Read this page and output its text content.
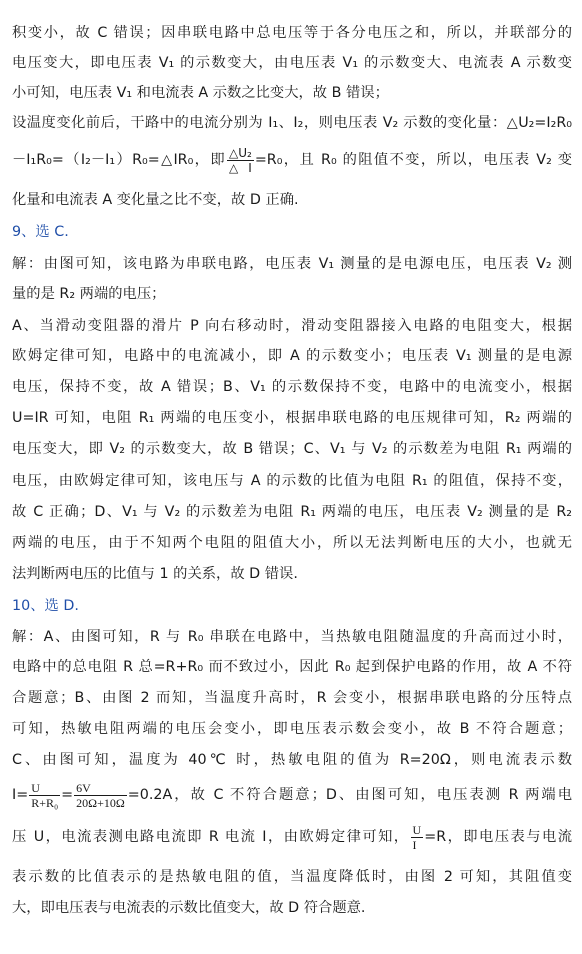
积变小，故 C 错误；因串联电路中总电压等于各分电压之和，所以，并联部分的
电压变大，即电压表 V₁ 的示数变大，由电压表 V₁ 的示数变大、电流表 A 示数变
小可知，电压表 V₁ 和电流表 A 示数之比变大，故 B 错误；
设温度变化前后，干路中的电流分别为 I₁、I₂，则电压表 V₂ 示数的变化量：△U₂=I₂R₀
－I₁R₀=（I₂－I₁）R₀=△IR₀，即 $\frac{\text{△U₂}}{\triangle I} =R_0$，且 R₀ 的阻值不变，所以，电压表 V₂ 变
化量和电流表 A 变化量之比不变，故 D 正确.
9、选 C.
解：由图可知，该电路为串联电路，电压表 V₁ 测量的是电源电压，电压表 V₂ 测
量的是 R₂ 两端的电压；
A、当滑动变阻器的滑片 P 向右移动时，滑动变阻器接入电路的电阻变大，根据
欧姆定律可知，电路中的电流减小，即 A 的示数变小；电压表 V₁ 测量的是电源
电压，保持不变，故 A 错误；B、V₁ 的示数保持不变，电路中的电流变小，根据
U=IR 可知，电阻 R₁ 两端的电压变小，根据串联电路的电压规律可知，R₂ 两端的
电压变大，即 V₂ 的示数变大，故 B 错误；C、V₁ 与 V₂ 的示数差为电阻 R₁ 两端的
电压，由欧姆定律可知，该电压与 A 的示数的比值为电阻 R₁ 的阻值，保持不变，
故 C 正确；D、V₁ 与 V₂ 的示数差为电阻 R₁ 两端的电压，电压表 V₂ 测量的是 R₂
两端的电压，由于不知两个电阻的阻值大小，所以无法判断电压的大小，也就无
法判断两电压的比值与 1 的关系，故 D 错误.
10、选 D.
解：A、由图可知，R 与 R₀ 串联在电路中，当热敏电阻随温度的升高而过小时，
电路中的总电阻 R 总=R+R₀ 而不致过小，因此 R₀ 起到保护电路的作用，故 A 不符
合题意；B、由图 2 而知，当温度升高时，R 会变小，根据串联电路的分压特点
可知，热敏电阻两端的电压会变小，即电压表示数会变小，故 B 不符合题意；
C、由图可知，温度为 40℃ 时，热敏电阻的值为 R=20Ω，则电流表示数
$I= \frac{U}{\text{R+R₀}} = \frac{6V}{20\Omega+10\Omega} =0.2A$，故 C 不符合题意；D、由图可知，电压表测 R 两端电
压 U，电流表测电路电流即 R 电流 I，由欧姆定律可知， $\frac{U}{I} =R$，即电压表与电流
表示数的比值表示的是热敏电阻的值，当温度降低时，由图 2 可知，其阻值变
大，即电压表与电流表的示数比值变大，故 D 符合题意.
